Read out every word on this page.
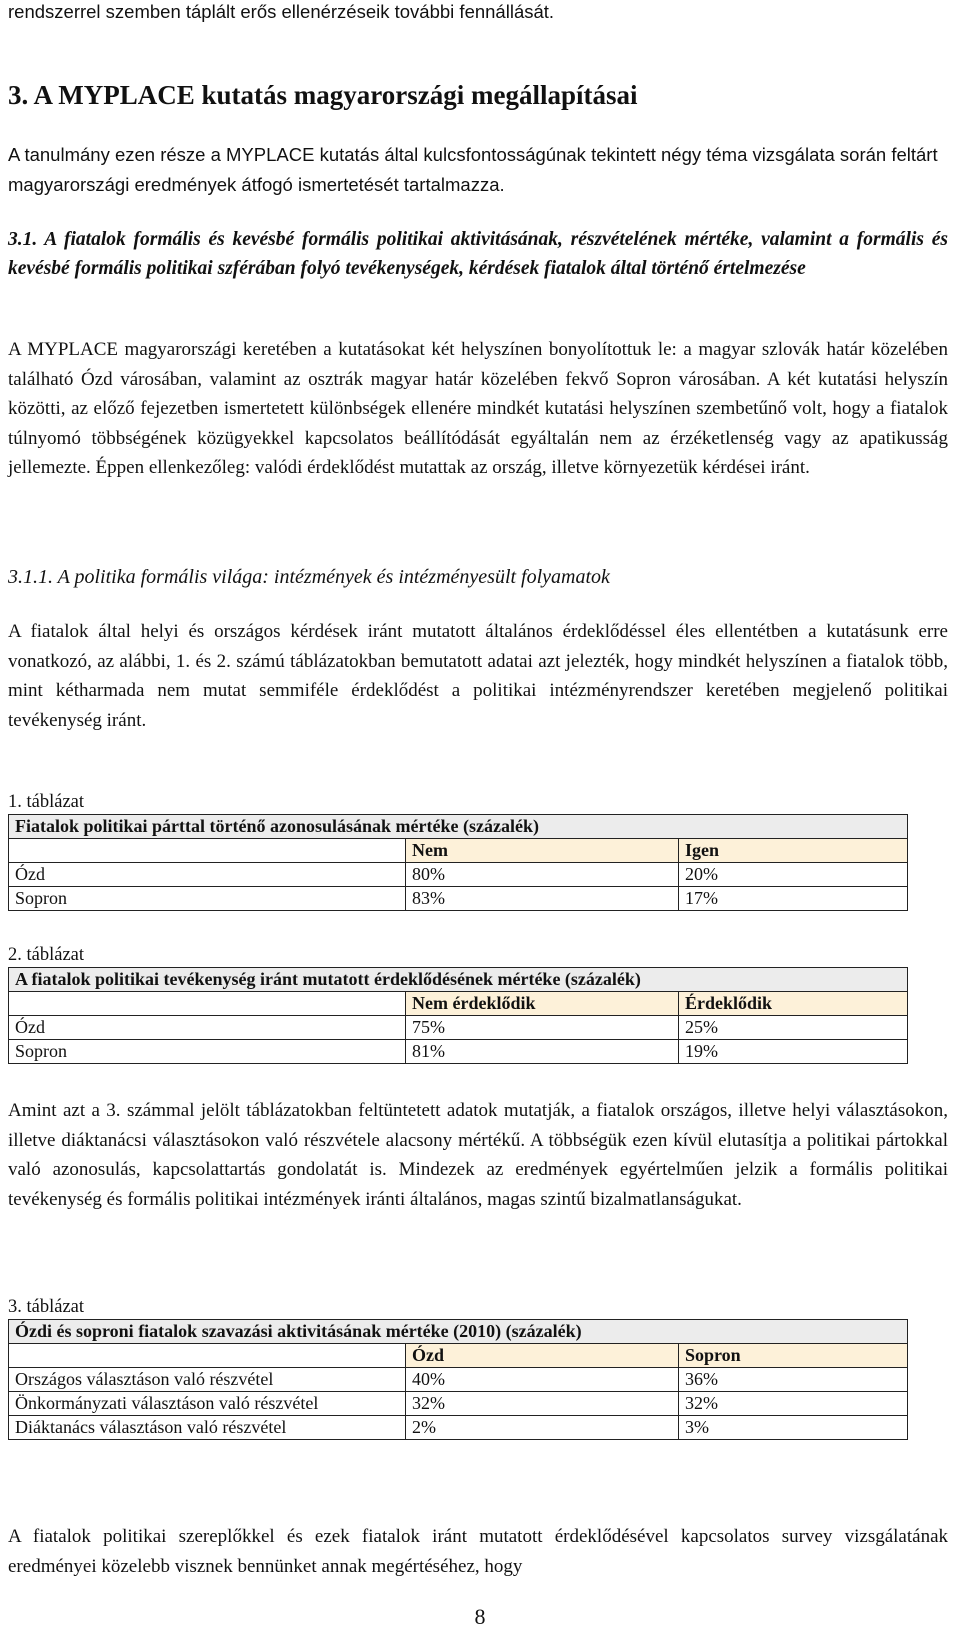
rendszerrel szemben táplált erős ellenérzéseik további fennállását.

3. A MYPLACE kutatás magyarországi megállapításai

A tanulmány ezen része a MYPLACE kutatás által kulcsfontosságúnak tekintett négy téma vizsgálata során feltárt magyarországi eredmények átfogó ismertetését tartalmazza.

3.1. A fiatalok formális és kevésbé formális politikai aktivitásának, részvételének mértéke, valamint a formális és kevésbé formális politikai szférában folyó tevékenységek, kérdések fiatalok által történő értelmezése

A MYPLACE magyarországi keretében a kutatásokat két helyszínen bonyolítottuk le: a magyar szlovák határ közelében található Ózd városában, valamint az osztrák magyar határ közelében fekvő Sopron városában. A két kutatási helyszín közötti, az előző fejezetben ismertetett különbségek ellenére mindkét kutatási helyszínen szembetűnő volt, hogy a fiatalok túlnyomó többségének közügyekkel kapcsolatos beállítódását egyáltalán nem az érzéketlenség vagy az apatikusság jellemezte. Éppen ellenkezőleg: valódi érdeklődést mutattak az ország, illetve környezetük kérdései iránt.

3.1.1. A politika formális világa: intézmények és intézményesült folyamatok

A fiatalok által helyi és országos kérdések iránt mutatott általános érdeklődéssel éles ellentétben a kutatásunk erre vonatkozó, az alábbi, 1. és 2. számú táblázatokban bemutatott adatai azt jelezték, hogy mindkét helyszínen a fiatalok több, mint kétharmada nem mutat semmiféle érdeklődést a politikai intézményrendszer keretében megjelenő politikai tevékenység iránt.

1. táblázat

Fiatalok politikai párttal történő azonosulásának mértéke (százalék)		
	Nem	Igen
Ózd	80%	20%
Sopron	83%	17%

2. táblázat

A fiatalok politikai tevékenység iránt mutatott érdeklődésének mértéke (százalék)		
	Nem érdeklődik	Érdeklődik
Ózd	75%	25%
Sopron	81%	19%

Amint azt a 3. számmal jelölt táblázatokban feltüntetett adatok mutatják, a fiatalok országos, illetve helyi választásokon, illetve diáktanácsi választásokon való részvétele alacsony mértékű. A többségük ezen kívül elutasítja a politikai pártokkal való azonosulás, kapcsolattartás gondolatát is. Mindezek az eredmények egyértelműen jelzik a formális politikai tevékenység és formális politikai intézmények iránti általános, magas szintű bizalmatlanságukat.

3. táblázat

Ózdi és soproni fiatalok szavazási aktivitásának mértéke (2010) (százalék)		
	Ózd	Sopron
Országos választáson való részvétel	40%	36%
Önkormányzati választáson való részvétel	32%	32%
Diáktanács választáson való részvétel	2%	3%

A fiatalok politikai szereplőkkel és ezek fiatalok iránt mutatott érdeklődésével kapcsolatos survey vizsgálatának eredményei közelebb visznek bennünket annak megértéséhez, hogy

8
